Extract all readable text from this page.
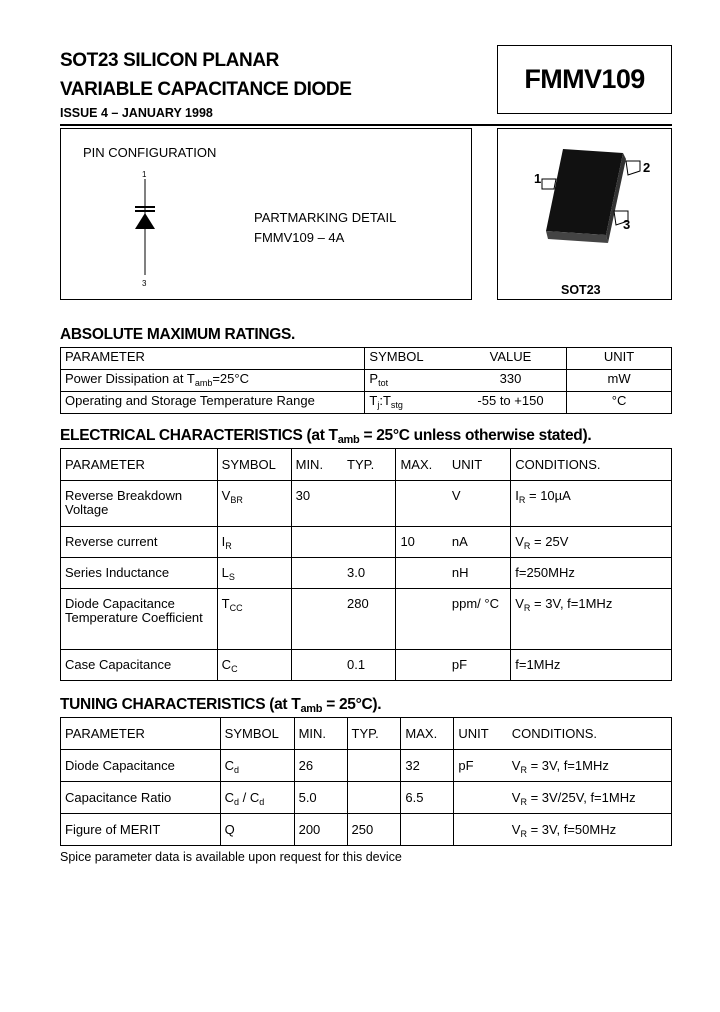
SOT23 SILICON PLANAR
VARIABLE CAPACITANCE DIODE
ISSUE 4 – JANUARY 1998
FMMV109
PIN CONFIGURATION
1
3
PARTMARKING DETAIL
FMMV109 – 4A
1
2
3
SOT23
ABSOLUTE MAXIMUM RATINGS.
PARAMETER	SYMBOL	VALUE	UNIT
Power Dissipation at $T_{amb}=25^\circ C$	$P_{tot}$	330	mW
Operating and Storage Temperature Range	$T_j:T_{stg}$	-55 to +150	°C
ELECTRICAL CHARACTERISTICS (at $T_{amb} = 25^\circ C$ unless otherwise stated).
PARAMETER	SYMBOL	MIN.	TYP.	MAX.	UNIT	CONDITIONS.
Reverse Breakdown Voltage	$V_{BR}$	30			V	$I_R = 10\mu A$
Reverse current	$I_R$			10	nA	$V_R = 25V$
Series Inductance	$L_S$		3.0		nH	f=250MHz
Diode Capacitance Temperature Coefficient	$T_{CC}$		280		ppm/ °C	$V_R = 3V$, f=1MHz
Case Capacitance	$C_C$		0.1		pF	f=1MHz
TUNING CHARACTERISTICS (at $T_{amb} = 25^\circ C$).
PARAMETER	SYMBOL	MIN.	TYP.	MAX.	UNIT	CONDITIONS.
Diode Capacitance	$C_d$	26		32	pF	$V_R = 3V$, f=1MHz
Capacitance Ratio	$C_d / C_d$	5.0		6.5		$V_R = 3V/25V$, f=1MHz
Figure of MERIT	Q	200	250			$V_R = 3V$, f=50MHz
Spice parameter data is available upon request for this device
